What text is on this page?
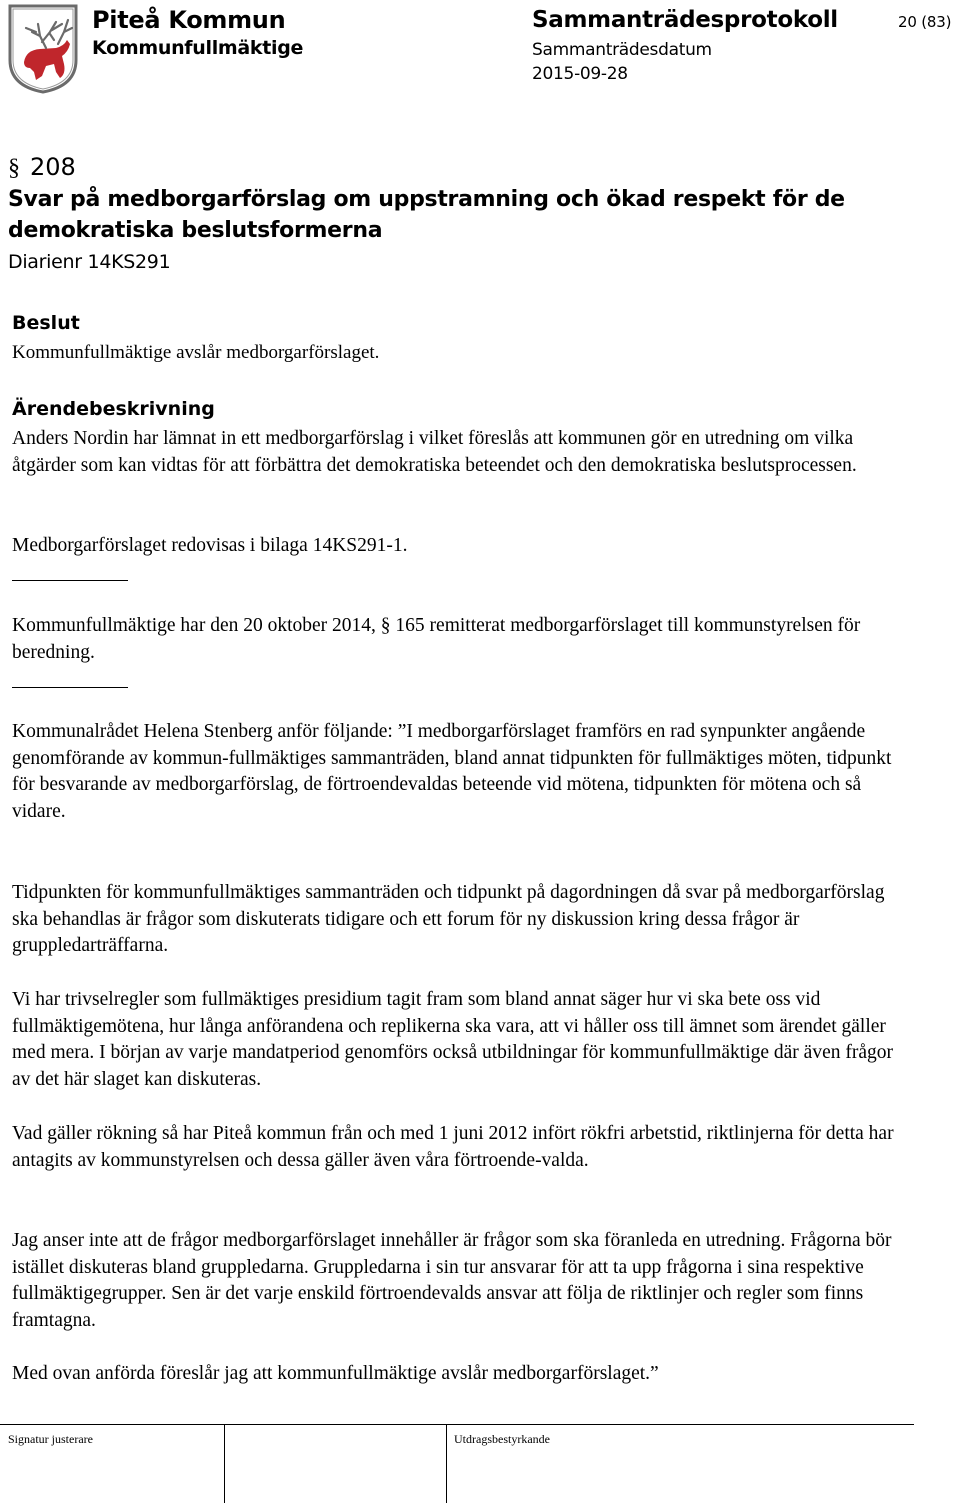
Piteå Kommun
Kommunfullmäktige
Sammanträdesprotokoll
Sammanträdesdatum
2015-09-28
20 (83)
§ 208
Svar på medborgarförslag om uppstramning och ökad respekt för de demokratiska beslutsformerna
Diarienr 14KS291
Beslut
Kommunfullmäktige avslår medborgarförslaget.
Ärendebeskrivning

Anders Nordin har lämnat in ett medborgarförslag i vilket föreslås att kommunen gör en utredning om vilka åtgärder som kan vidtas för att förbättra det demokratiska beteendet och den demokratiska beslutsprocessen.

Medborgarförslaget redovisas i bilaga 14KS291-1.

Kommunfullmäktige har den 20 oktober 2014, § 165 remitterat medborgarförslaget till kommunstyrelsen för beredning.

Kommunalrådet Helena Stenberg anför följande: ”I medborgarförslaget framförs en rad synpunkter angående genomförande av kommun-fullmäktiges sammanträden, bland annat tidpunkten för fullmäktiges möten, tidpunkt för besvarande av medborgarförslag, de förtroendevaldas beteende vid mötena, tidpunkten för mötena och så vidare.

Tidpunkten för kommunfullmäktiges sammanträden och tidpunkt på dagordningen då svar på medborgarförslag ska behandlas är frågor som diskuterats tidigare och ett forum för ny diskussion kring dessa frågor är gruppledarträffarna.

Vi har trivselregler som fullmäktiges presidium tagit fram som bland annat säger hur vi ska bete oss vid fullmäktigemötena, hur långa anförandena och replikerna ska vara, att vi håller oss till ämnet som ärendet gäller med mera. I början av varje mandatperiod genomförs också utbildningar för kommunfullmäktige där även frågor av det här slaget kan diskuteras.

Vad gäller rökning så har Piteå kommun från och med 1 juni 2012 infört rökfri arbetstid, riktlinjerna för detta har antagits av kommunstyrelsen och dessa gäller även våra förtroende-valda.

Jag anser inte att de frågor medborgarförslaget innehåller är frågor som ska föranleda en utredning. Frågorna bör istället diskuteras bland gruppledarna. Gruppledarna i sin tur ansvarar för att ta upp frågorna i sina respektive fullmäktigegrupper. Sen är det varje enskild förtroendevalds ansvar att följa de riktlinjer och regler som finns framtagna.

Med ovan anförda föreslår jag att kommunfullmäktige avslår medborgarförslaget.”

Signatur justerare	Utdragsbestyrkande
